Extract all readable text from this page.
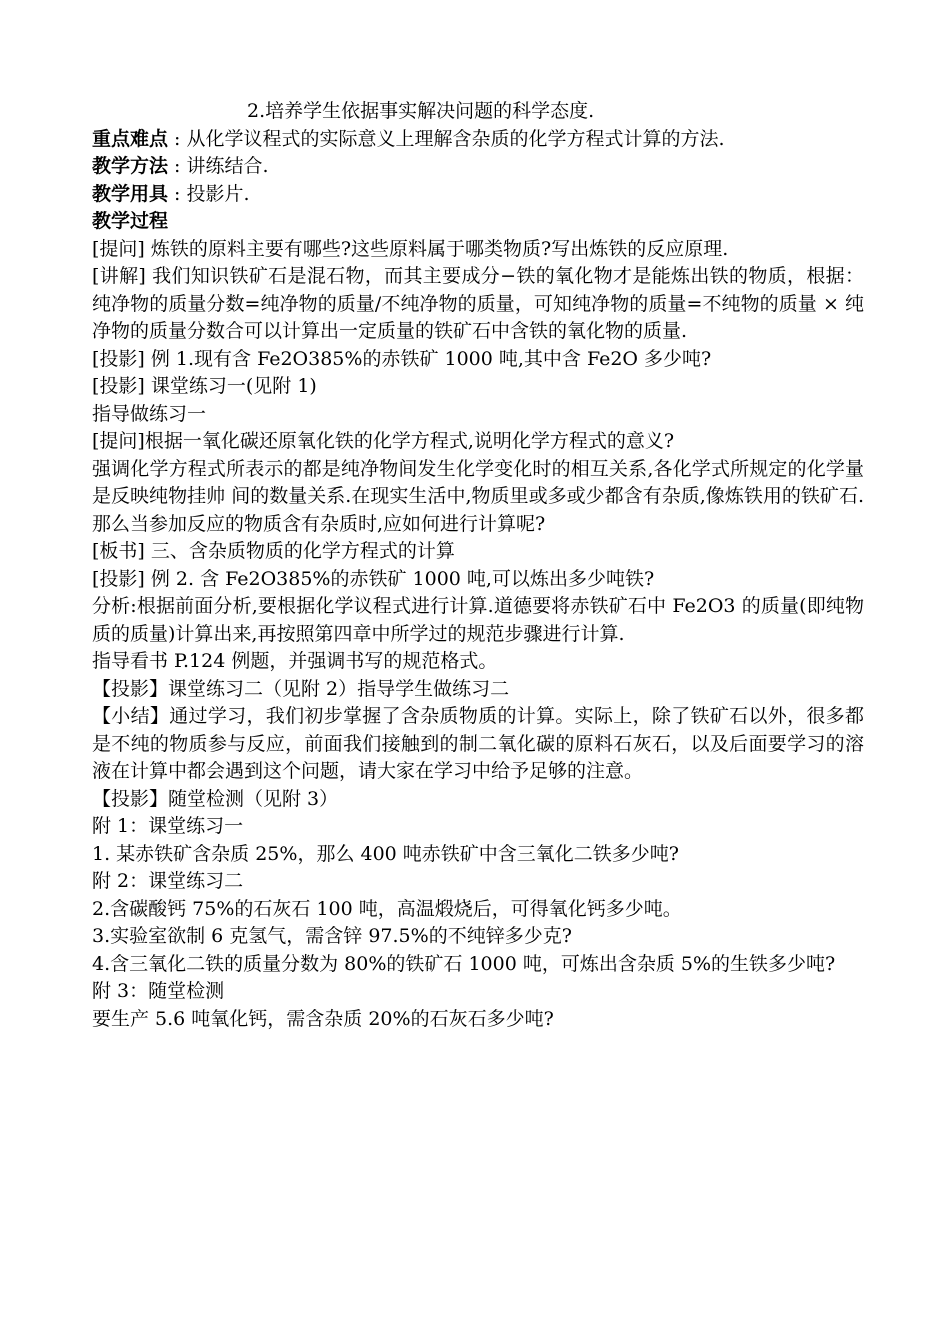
2.培养学生依据事实解决问题的科学态度.
重点难点 : 从化学议程式的实际意义上理解含杂质的化学方程式计算的方法.
教学方法 : 讲练结合.
教学用具 : 投影片.
教学过程
[提问] 炼铁的原料主要有哪些?这些原料属于哪类物质?写出炼铁的反应原理.
[讲解] 我们知识铁矿石是混石物，而其主要成分−铁的氧化物才是能炼出铁的物质，根据：纯净物的质量分数=纯净物的质量/不纯净物的质量，可知纯净物的质量=不纯物的质量 × 纯净物的质量分数合可以计算出一定质量的铁矿石中含铁的氧化物的质量.
[投影] 例 1.现有含 Fe2O385%的赤铁矿 1000 吨,其中含 Fe2O 多少吨?
[投影] 课堂练习一(见附 1)
指导做练习一
[提问]根据一氧化碳还原氧化铁的化学方程式,说明化学方程式的意义?
强调化学方程式所表示的都是纯净物间发生化学变化时的相互关系,各化学式所规定的化学量是反映纯物挂帅 间的数量关系.在现实生活中,物质里或多或少都含有杂质,像炼铁用的铁矿石.那么当参加反应的物质含有杂质时,应如何进行计算呢?
[板书] 三、含杂质物质的化学方程式的计算
[投影] 例 2. 含 Fe2O385%的赤铁矿 1000 吨,可以炼出多少吨铁?
分析:根据前面分析,要根据化学议程式进行计算.道德要将赤铁矿石中 Fe2O3 的质量(即纯物质的质量)计算出来,再按照第四章中所学过的规范步骤进行计算.
指导看书 P.124 例题，并强调书写的规范格式。
【投影】课堂练习二（见附 2）指导学生做练习二
【小结】通过学习，我们初步掌握了含杂质物质的计算。实际上，除了铁矿石以外，很多都是不纯的物质参与反应，前面我们接触到的制二氧化碳的原料石灰石，以及后面要学习的溶液在计算中都会遇到这个问题，请大家在学习中给予足够的注意。
【投影】随堂检测（见附 3）
附 1：课堂练习一
1. 某赤铁矿含杂质 25%，那么 400 吨赤铁矿中含三氧化二铁多少吨?
附 2：课堂练习二
2.含碳酸钙 75%的石灰石 100 吨，高温煅烧后，可得氧化钙多少吨。
3.实验室欲制 6 克氢气，需含锌 97.5%的不纯锌多少克?
4.含三氧化二铁的质量分数为 80%的铁矿石 1000 吨，可炼出含杂质 5%的生铁多少吨?
附 3：随堂检测
要生产 5.6 吨氧化钙，需含杂质 20%的石灰石多少吨?
